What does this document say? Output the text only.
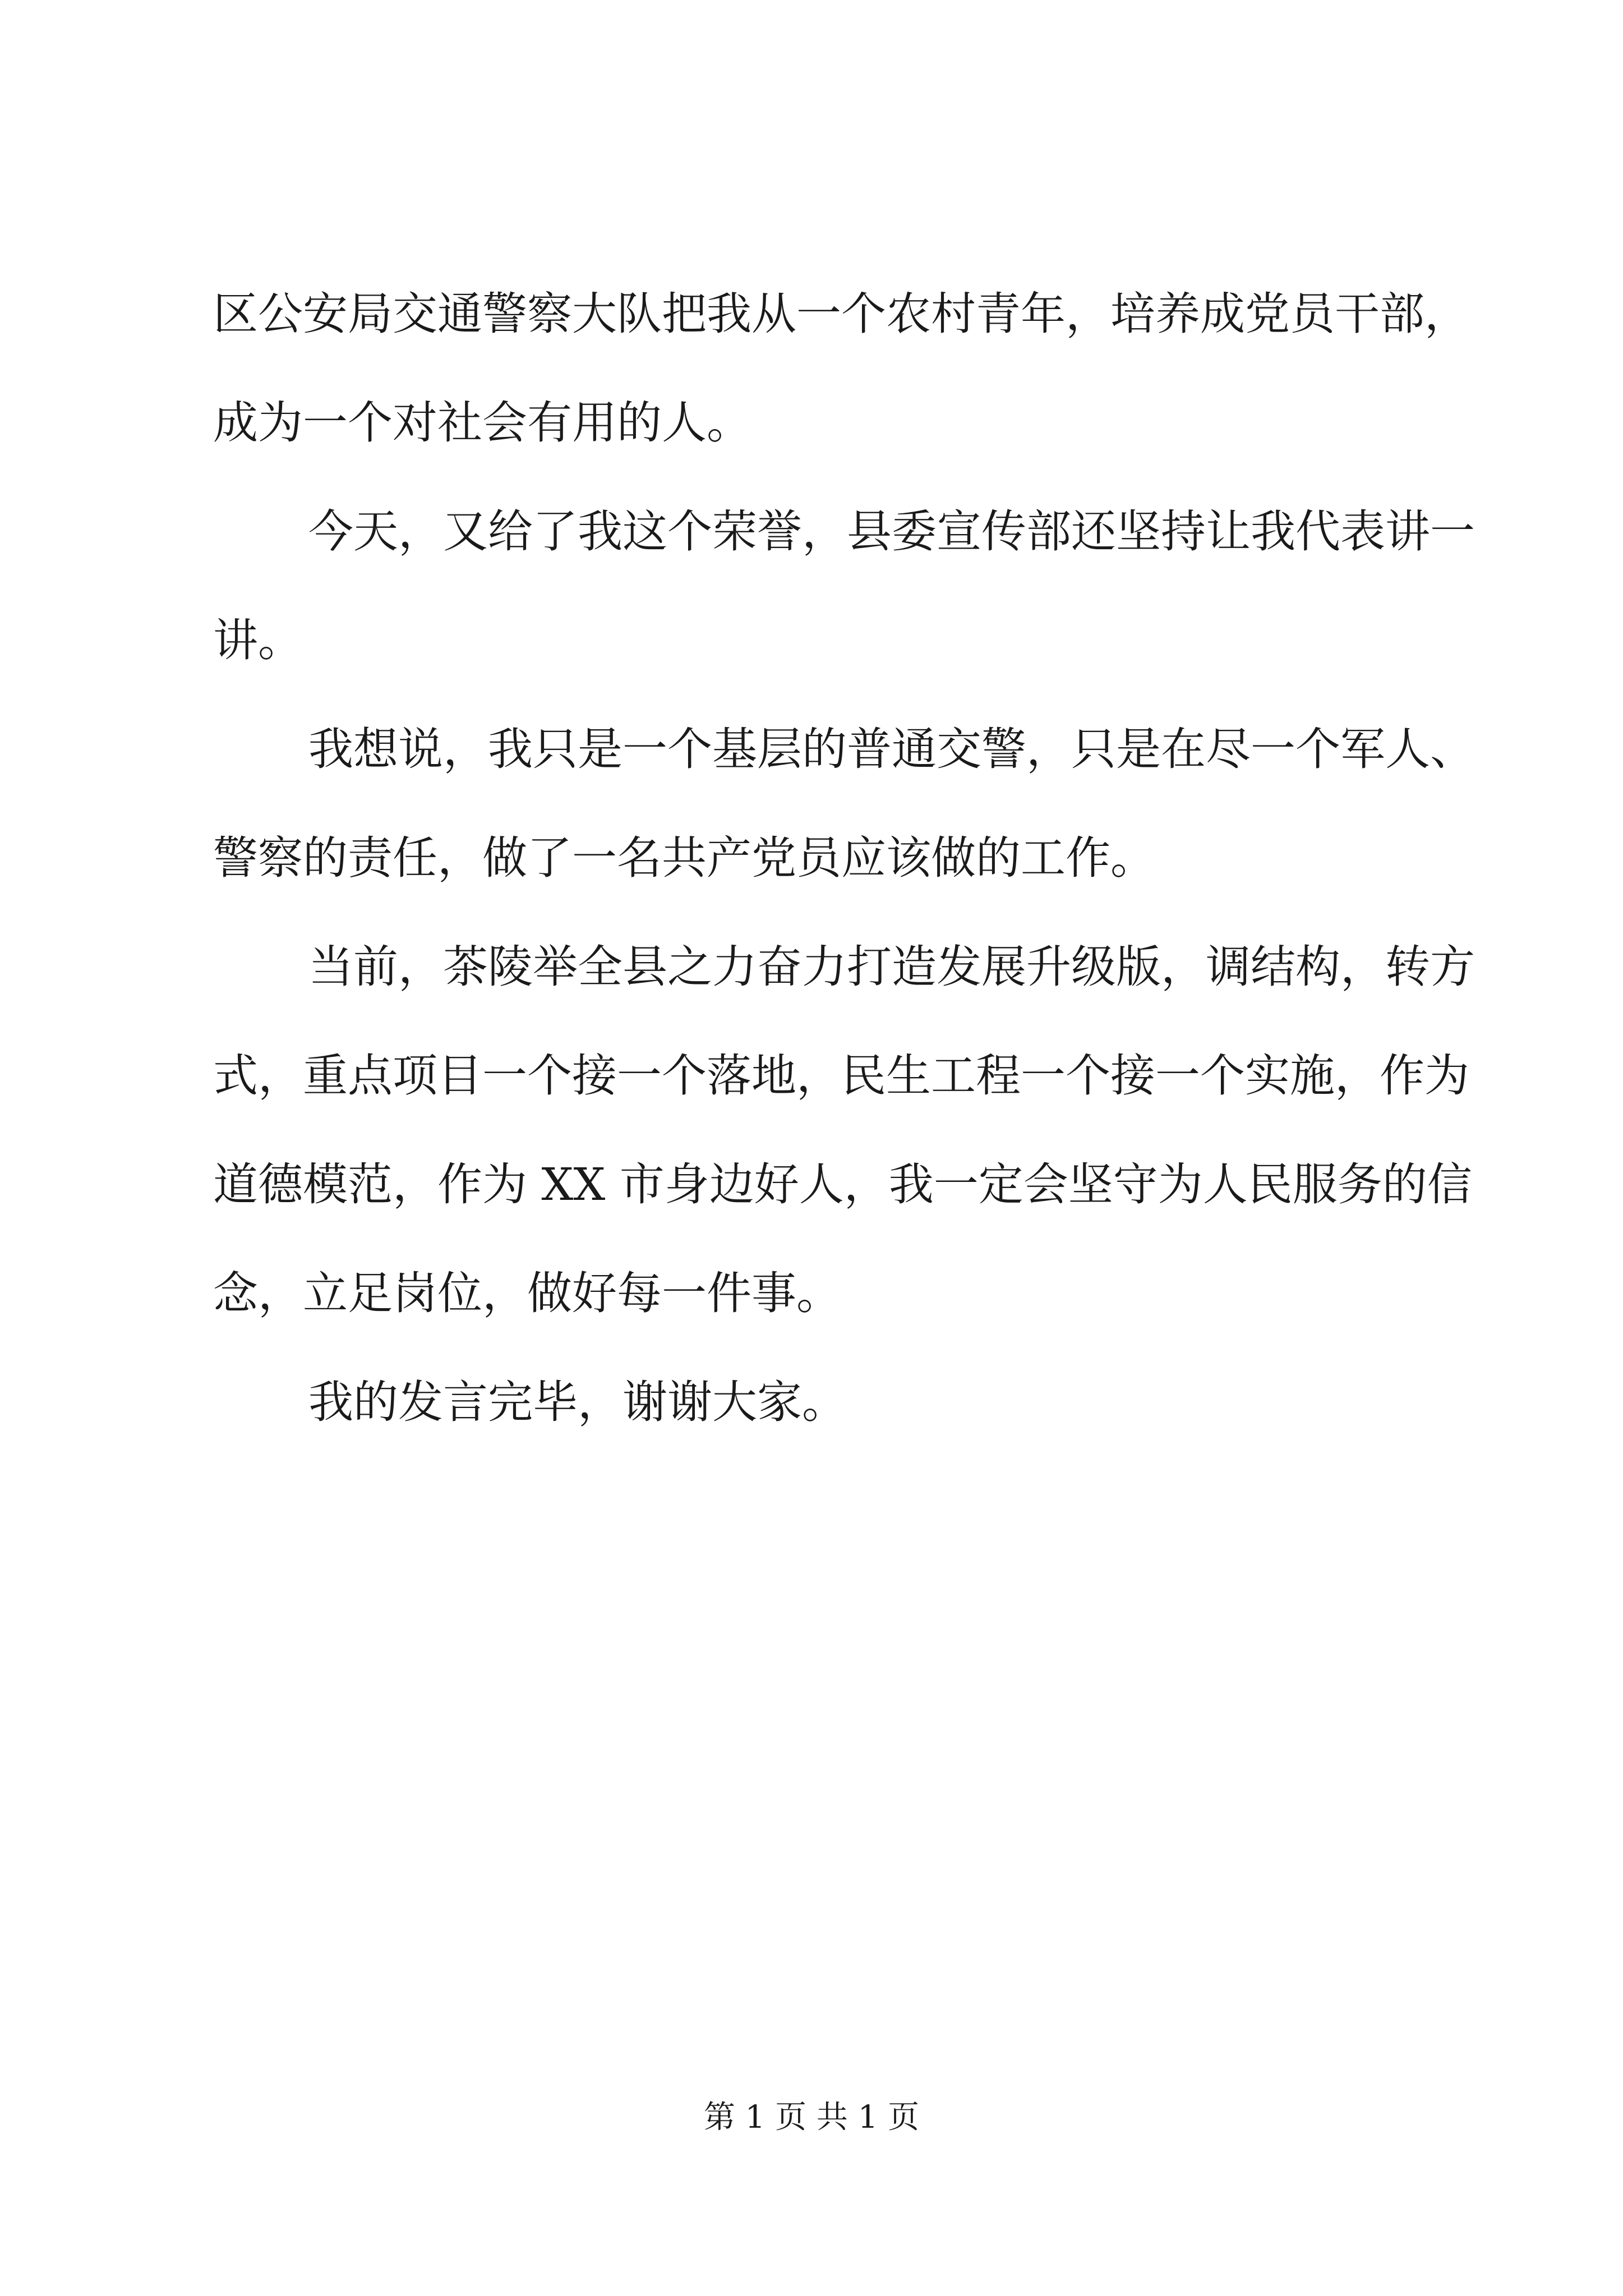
区公安局交通警察大队把我从一个农村青年，培养成党员干部，
成为一个对社会有用的人。
今天，又给了我这个荣誉，县委宣传部还坚持让我代表讲一
讲。
我想说，我只是一个基层的普通交警，只是在尽一个军人、
警察的责任，做了一名共产党员应该做的工作。
当前，茶陵举全县之力奋力打造发展升级版，调结构，转方
式，重点项目一个接一个落地，民生工程一个接一个实施，作为
道德模范，作为 XX 市身边好人，我一定会坚守为人民服务的信
念，立足岗位，做好每一件事。
我的发言完毕，谢谢大家。
第 1 页 共 1 页
